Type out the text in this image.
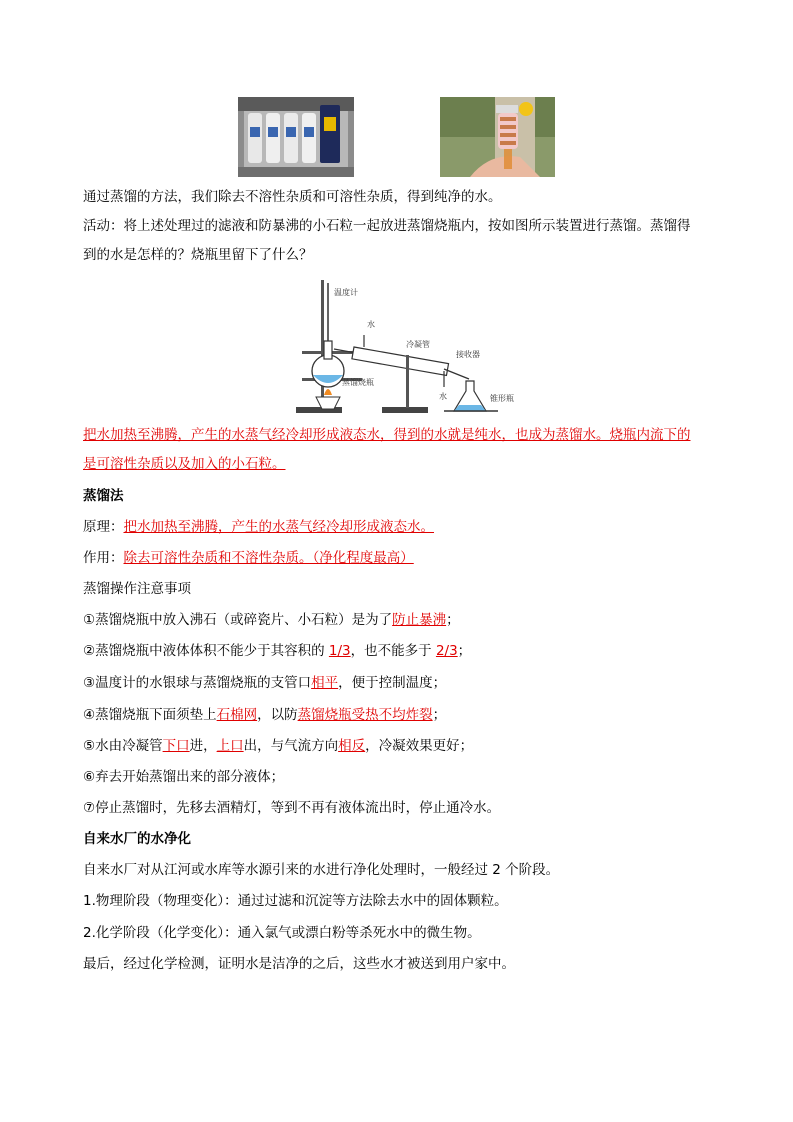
通过蒸馏的方法，我们除去不溶性杂质和可溶性杂质，得到纯净的水。
活动：将上述处理过的滤液和防暴沸的小石粒一起放进蒸馏烧瓶内，按如图所示装置进行蒸馏。蒸馏得
到的水是怎样的？烧瓶里留下了什么？
温度计
水
冷凝管
接收器
蒸馏烧瓶
水	锥形瓶
把水加热至沸腾，产生的水蒸气经冷却形成液态水，得到的水就是纯水，也成为蒸馏水。烧瓶内流下的
是可溶性杂质以及加入的小石粒。
蒸馏法
原理：把水加热至沸腾，产生的水蒸气经冷却形成液态水。
作用：除去可溶性杂质和不溶性杂质。（净化程度最高）
蒸馏操作注意事项
①蒸馏烧瓶中放入沸石（或碎瓷片、小石粒）是为了防止暴沸；
②蒸馏烧瓶中液体体积不能少于其容积的 1/3，也不能多于 2/3；
③温度计的水银球与蒸馏烧瓶的支管口相平，便于控制温度；
④蒸馏烧瓶下面须垫上石棉网，以防蒸馏烧瓶受热不均炸裂；
⑤水由冷凝管下口进，上口出，与气流方向相反，冷凝效果更好；
⑥弃去开始蒸馏出来的部分液体；
⑦停止蒸馏时，先移去酒精灯，等到不再有液体流出时，停止通冷水。
自来水厂的水净化
自来水厂对从江河或水库等水源引来的水进行净化处理时，一般经过 2 个阶段。
1.物理阶段（物理变化）：通过过滤和沉淀等方法除去水中的固体颗粒。
2.化学阶段（化学变化）：通入氯气或漂白粉等杀死水中的微生物。
最后，经过化学检测，证明水是洁净的之后，这些水才被送到用户家中。
